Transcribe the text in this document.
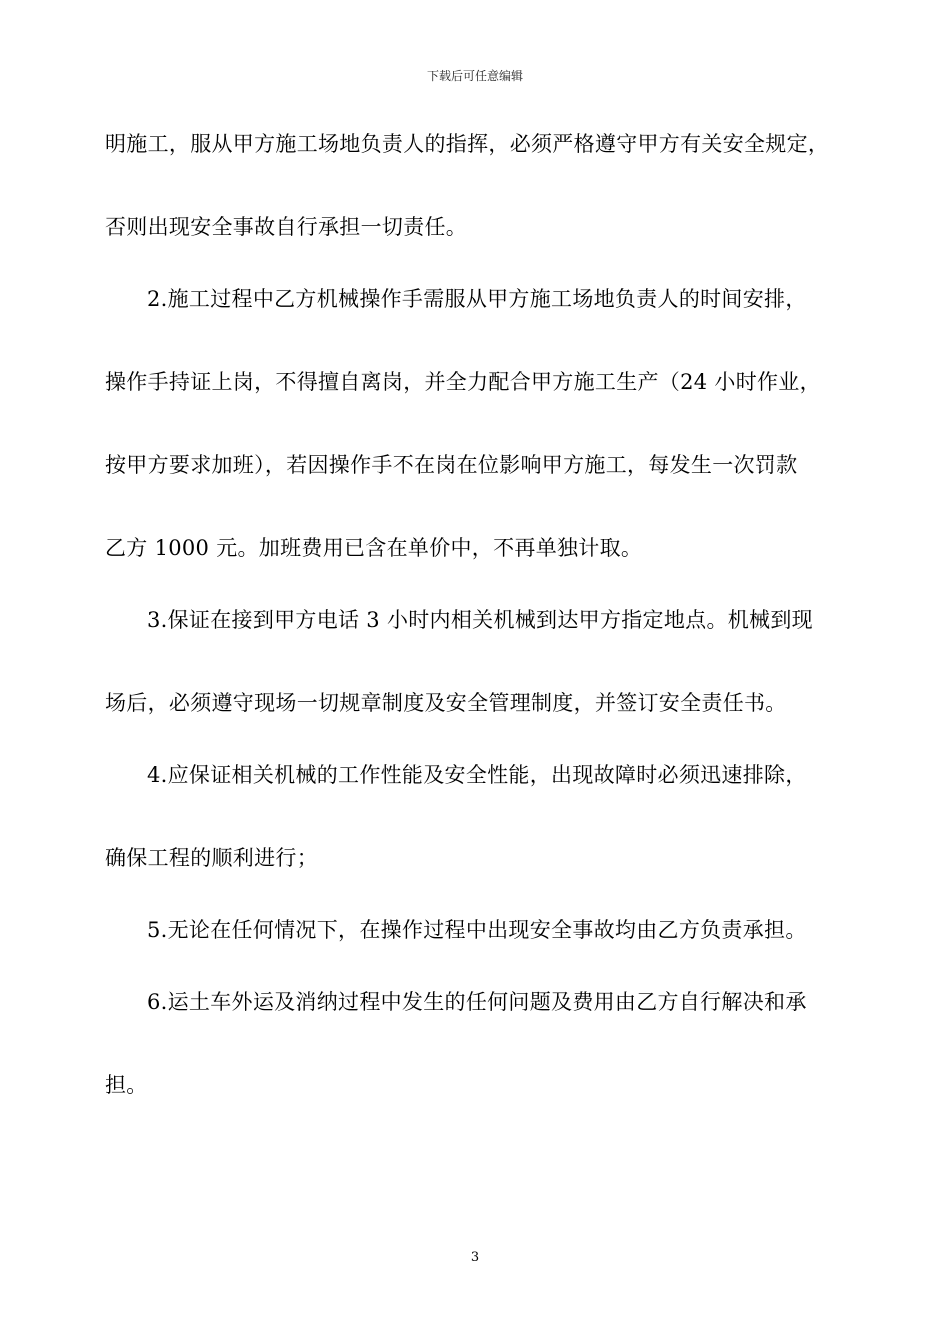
下载后可任意编辑
明施工，服从甲方施工场地负责人的指挥，必须严格遵守甲方有关安全规定，
否则出现安全事故自行承担一切责任。
2.施工过程中乙方机械操作手需服从甲方施工场地负责人的时间安排，
操作手持证上岗，不得擅自离岗，并全力配合甲方施工生产（24 小时作业，
按甲方要求加班），若因操作手不在岗在位影响甲方施工，每发生一次罚款
乙方 1000 元。加班费用已含在单价中，不再单独计取。
3.保证在接到甲方电话 3 小时内相关机械到达甲方指定地点。机械到现
场后，必须遵守现场一切规章制度及安全管理制度，并签订安全责任书。
4.应保证相关机械的工作性能及安全性能，出现故障时必须迅速排除，
确保工程的顺利进行；
5.无论在任何情况下，在操作过程中出现安全事故均由乙方负责承担。
6.运土车外运及消纳过程中发生的任何问题及费用由乙方自行解决和承
担。
3
